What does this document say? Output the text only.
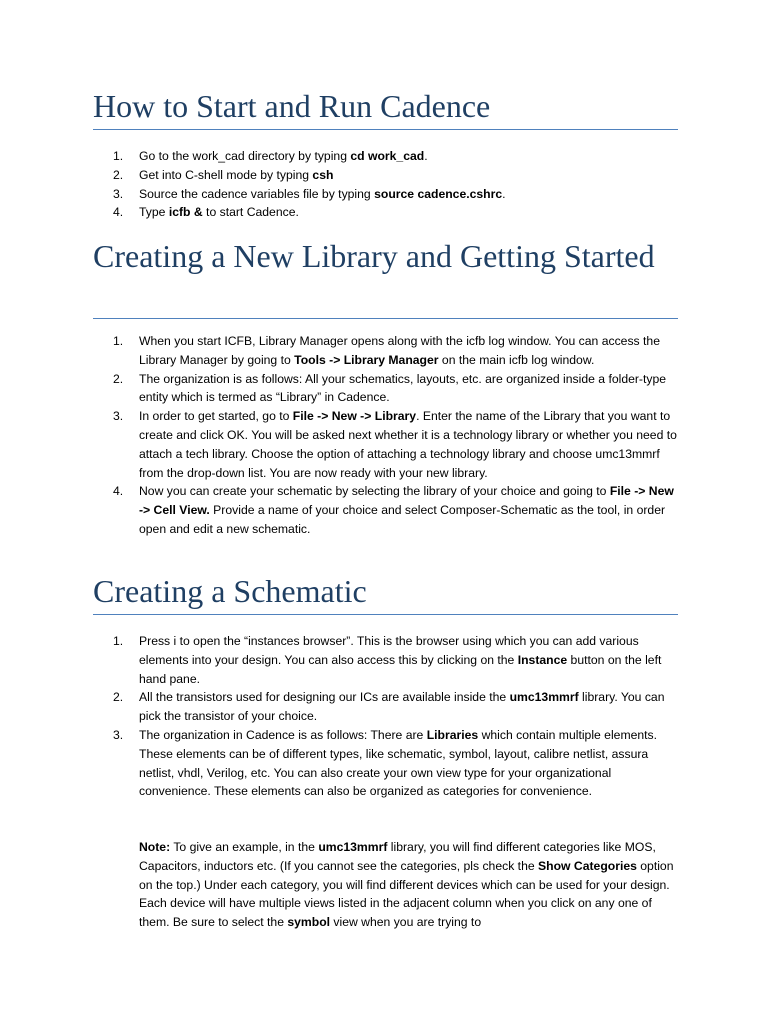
How to Start and Run Cadence
1. Go to the work_cad directory by typing cd work_cad.
2. Get into C-shell mode by typing csh
3. Source the cadence variables file by typing source cadence.cshrc.
4. Type icfb & to start Cadence.
Creating a New Library and Getting Started
1. When you start ICFB, Library Manager opens along with the icfb log window. You can access the Library Manager by going to Tools -> Library Manager on the main icfb log window.
2. The organization is as follows: All your schematics, layouts, etc. are organized inside a folder-type entity which is termed as “Library” in Cadence.
3. In order to get started, go to File -> New -> Library. Enter the name of the Library that you want to create and click OK. You will be asked next whether it is a technology library or whether you need to attach a tech library. Choose the option of attaching a technology library and choose umc13mmrf from the drop-down list. You are now ready with your new library.
4. Now you can create your schematic by selecting the library of your choice and going to File -> New -> Cell View. Provide a name of your choice and select Composer-Schematic as the tool, in order open and edit a new schematic.
Creating a Schematic
1. Press i to open the “instances browser”. This is the browser using which you can add various elements into your design. You can also access this by clicking on the Instance button on the left hand pane.
2. All the transistors used for designing our ICs are available inside the umc13mmrf library. You can pick the transistor of your choice.
3. The organization in Cadence is as follows: There are Libraries which contain multiple elements. These elements can be of different types, like schematic, symbol, layout, calibre netlist, assura netlist, vhdl, Verilog, etc. You can also create your own view type for your organizational convenience. These elements can also be organized as categories for convenience.

Note: To give an example, in the umc13mmrf library, you will find different categories like MOS, Capacitors, inductors etc. (If you cannot see the categories, pls check the Show Categories option on the top.) Under each category, you will find different devices which can be used for your design. Each device will have multiple views listed in the adjacent column when you click on any one of them. Be sure to select the symbol view when you are trying to
